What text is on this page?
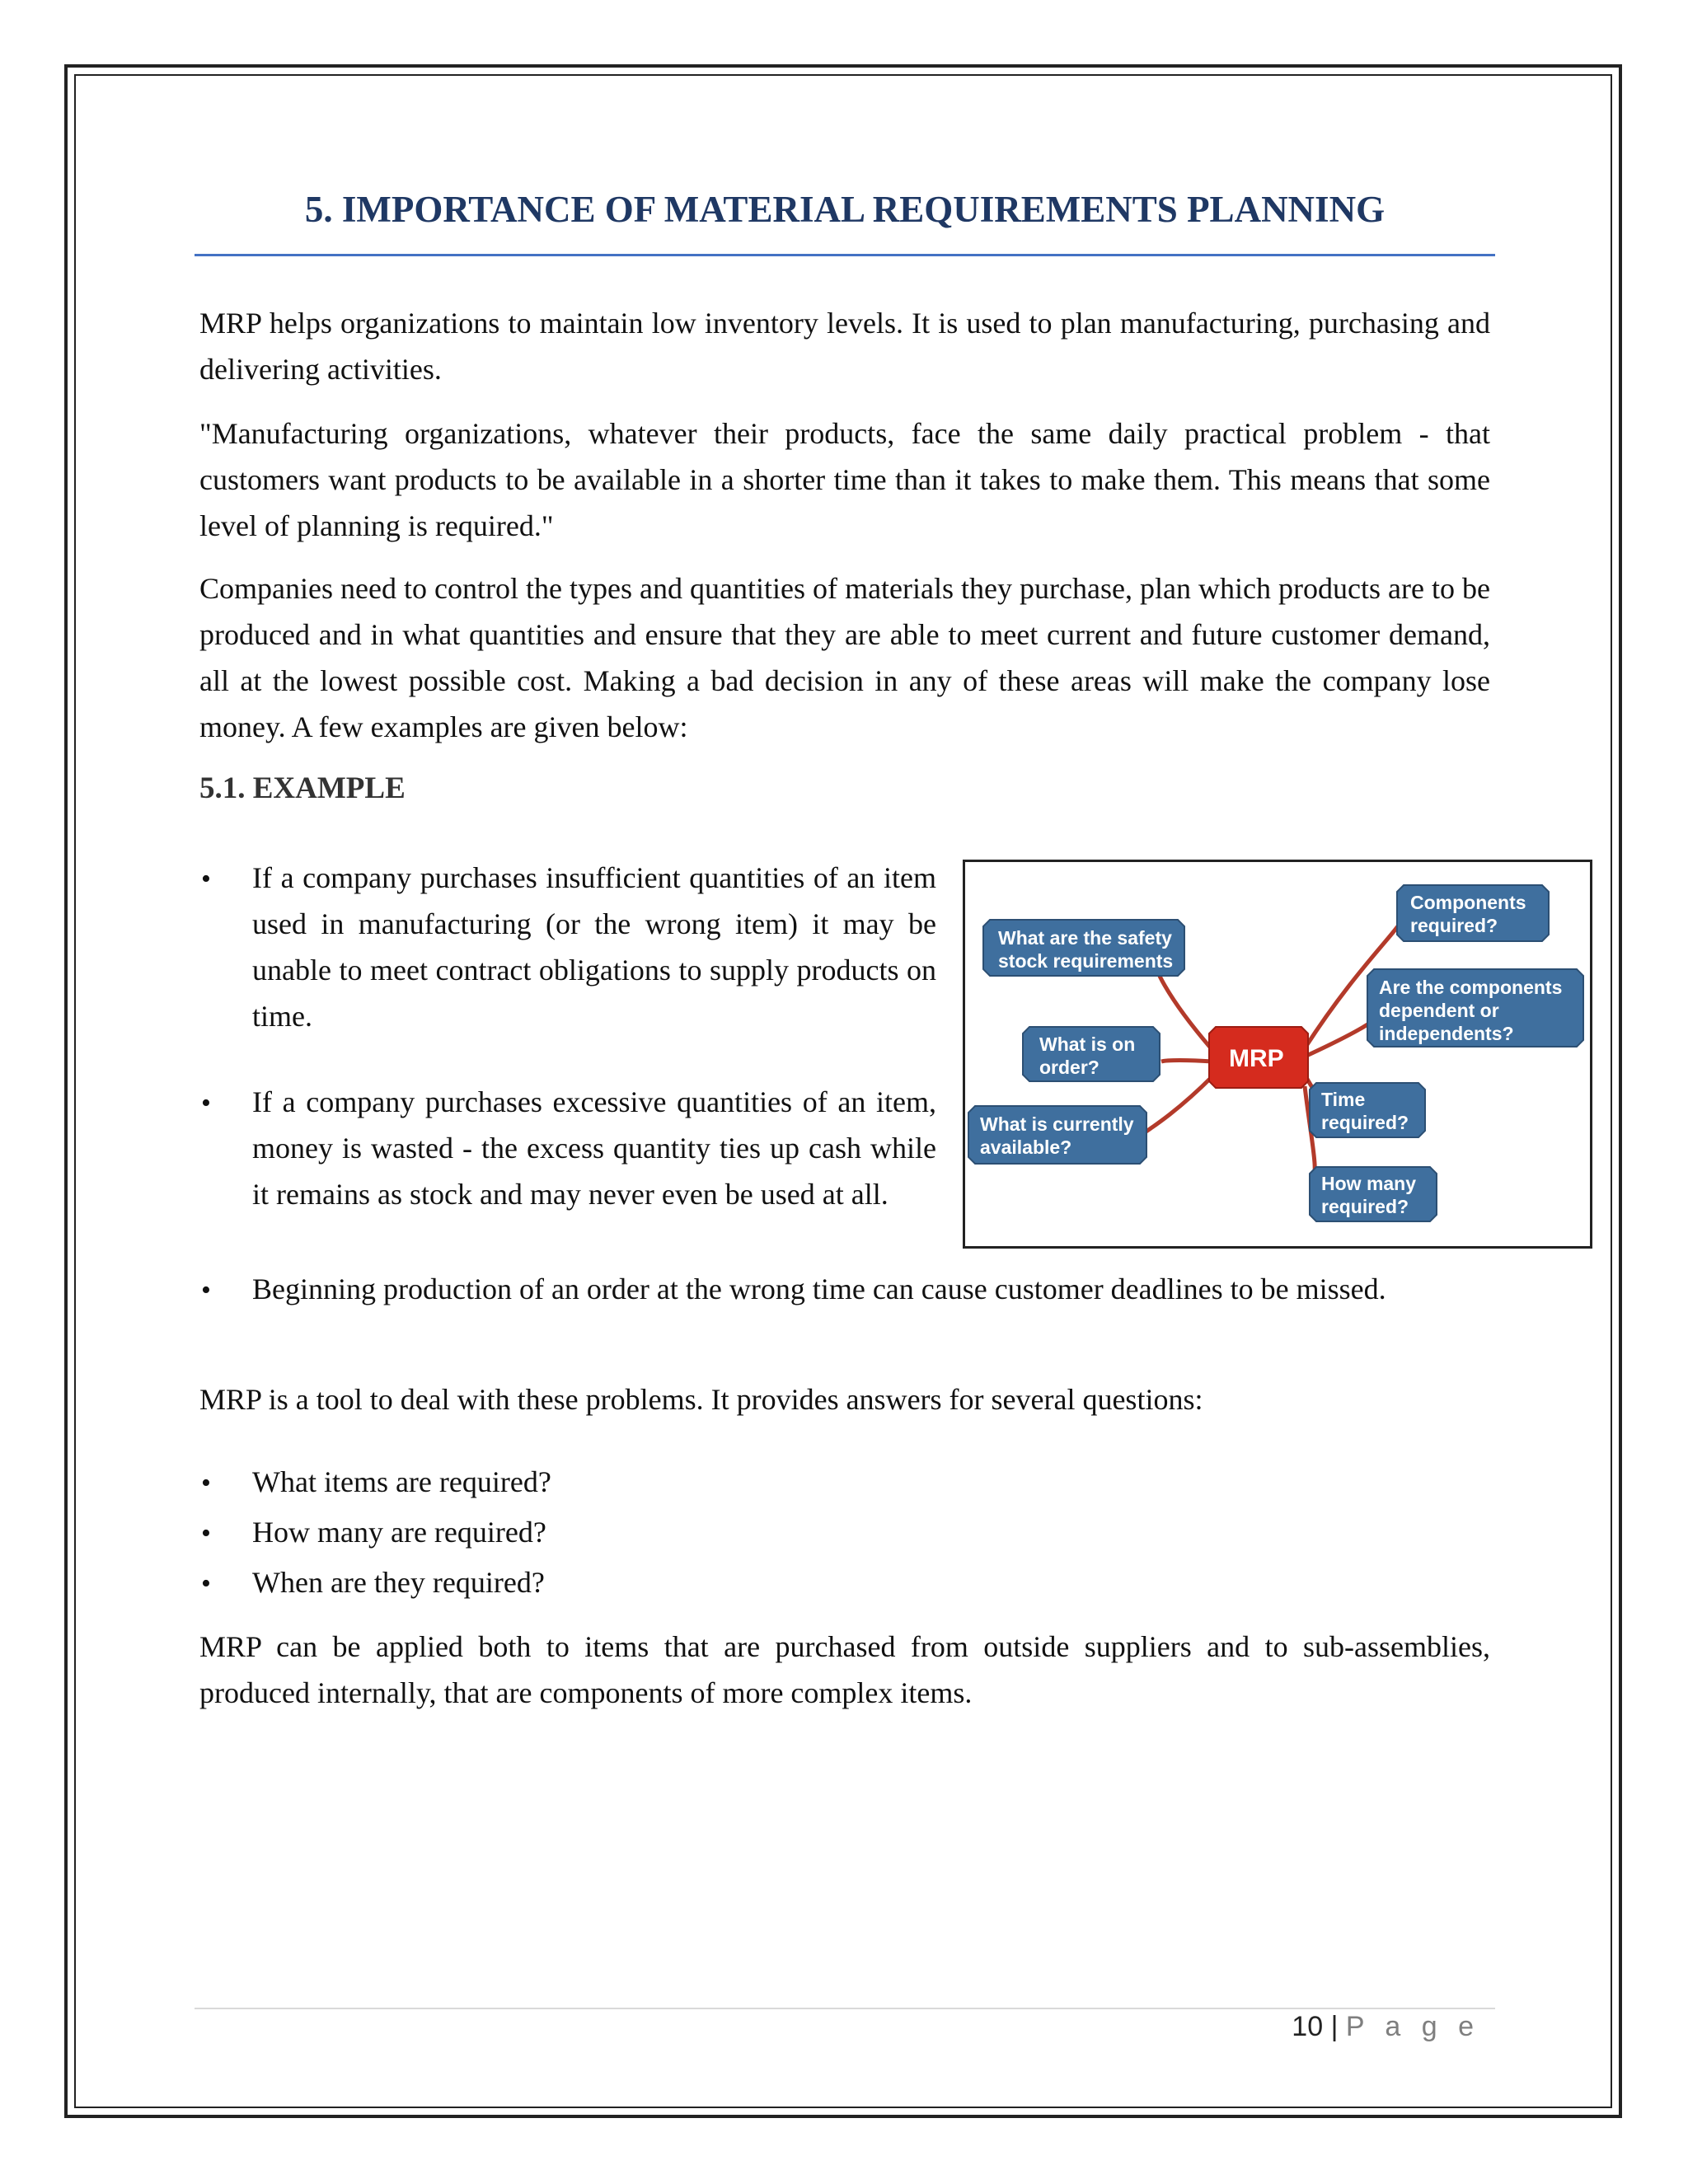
5. IMPORTANCE OF MATERIAL REQUIREMENTS PLANNING
MRP helps organizations to maintain low inventory levels. It is used to plan manufacturing, purchasing and delivering activities.
"Manufacturing organizations, whatever their products, face the same daily practical problem - that customers want products to be available in a shorter time than it takes to make them. This means that some level of planning is required."
Companies need to control the types and quantities of materials they purchase, plan which products are to be produced and in what quantities and ensure that they are able to meet current and future customer demand, all at the lowest possible cost. Making a bad decision in any of these areas will make the company lose money. A few examples are given below:
5.1. EXAMPLE
• If a company purchases insufficient quantities of an item used in manufacturing (or the wrong item) it may be unable to meet contract obligations to supply products on time.
• If a company purchases excessive quantities of an item, money is wasted - the excess quantity ties up cash while it remains as stock and may never even be used at all.
• Beginning production of an order at the wrong time can cause customer deadlines to be missed.
What are the safety
stock requirements
What is on
order?
What is currently
available?
Components
required?
Are the components
dependent or
independents?
Time
required?
How many
required?
MRP
MRP is a tool to deal with these problems. It provides answers for several questions:
• What items are required?
• How many are required?
• When are they required?
MRP can be applied both to items that are purchased from outside suppliers and to sub-assemblies, produced internally, that are components of more complex items.
10 | P a g e
